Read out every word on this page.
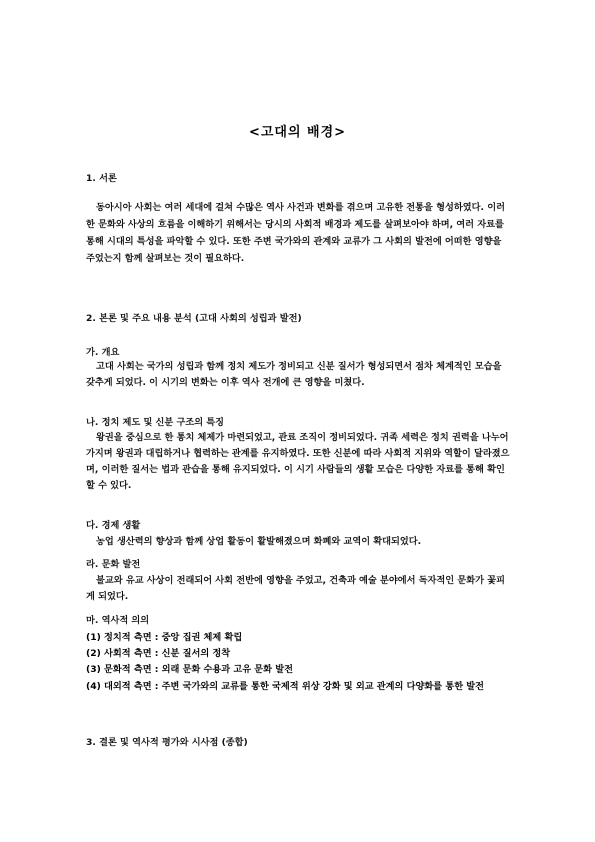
<고대의 배경>
1. 서론
동아시아 사회는 여러 세대에 걸쳐 수많은 역사 사건과 변화를 겪으며 고유한 전통을 형성하였다. 이러한 문화와 사상의 흐름을 이해하기 위해서는 당시의 사회적 배경과 제도를 살펴보아야 하며, 여러 자료를 통해 시대의 특성을 파악할 수 있다. 또한 주변 국가와의 관계와 교류가 그 사회의 발전에 어떠한 영향을 주었는지 함께 살펴보는 것이 필요하다.
2. 본론 및 주요 내용 분석 (고대 사회의 성립과 발전)
가. 개요
고대 사회는 국가의 성립과 함께 정치 제도가 정비되고 신분 질서가 형성되면서 점차 체계적인 모습을 갖추게 되었다. 이 시기의 변화는 이후 역사 전개에 큰 영향을 미쳤다.
나. 정치 제도 및 신분 구조의 특징
왕권을 중심으로 한 통치 체제가 마련되었고, 관료 조직이 정비되었다. 귀족 세력은 정치 권력을 나누어 가지며 왕권과 대립하거나 협력하는 관계를 유지하였다. 또한 신분에 따라 사회적 지위와 역할이 달라졌으며, 이러한 질서는 법과 관습을 통해 유지되었다. 이 시기 사람들의 생활 모습은 다양한 자료를 통해 확인할 수 있다.
다. 경제 생활
농업 생산력의 향상과 함께 상업 활동이 활발해졌으며 화폐와 교역이 확대되었다.
라. 문화 발전
불교와 유교 사상이 전래되어 사회 전반에 영향을 주었고, 건축과 예술 분야에서 독자적인 문화가 꽃피게 되었다.
마. 역사적 의의
(1) 정치적 측면 : 중앙 집권 체제 확립
(2) 사회적 측면 : 신분 질서의 정착
(3) 문화적 측면 : 외래 문화 수용과 고유 문화 발전
(4) 대외적 측면 : 주변 국가와의 교류를 통한 국제적 위상 강화 및 외교 관계의 다양화를 통한 발전
3. 결론 및 역사적 평가와 시사점 (종합)
